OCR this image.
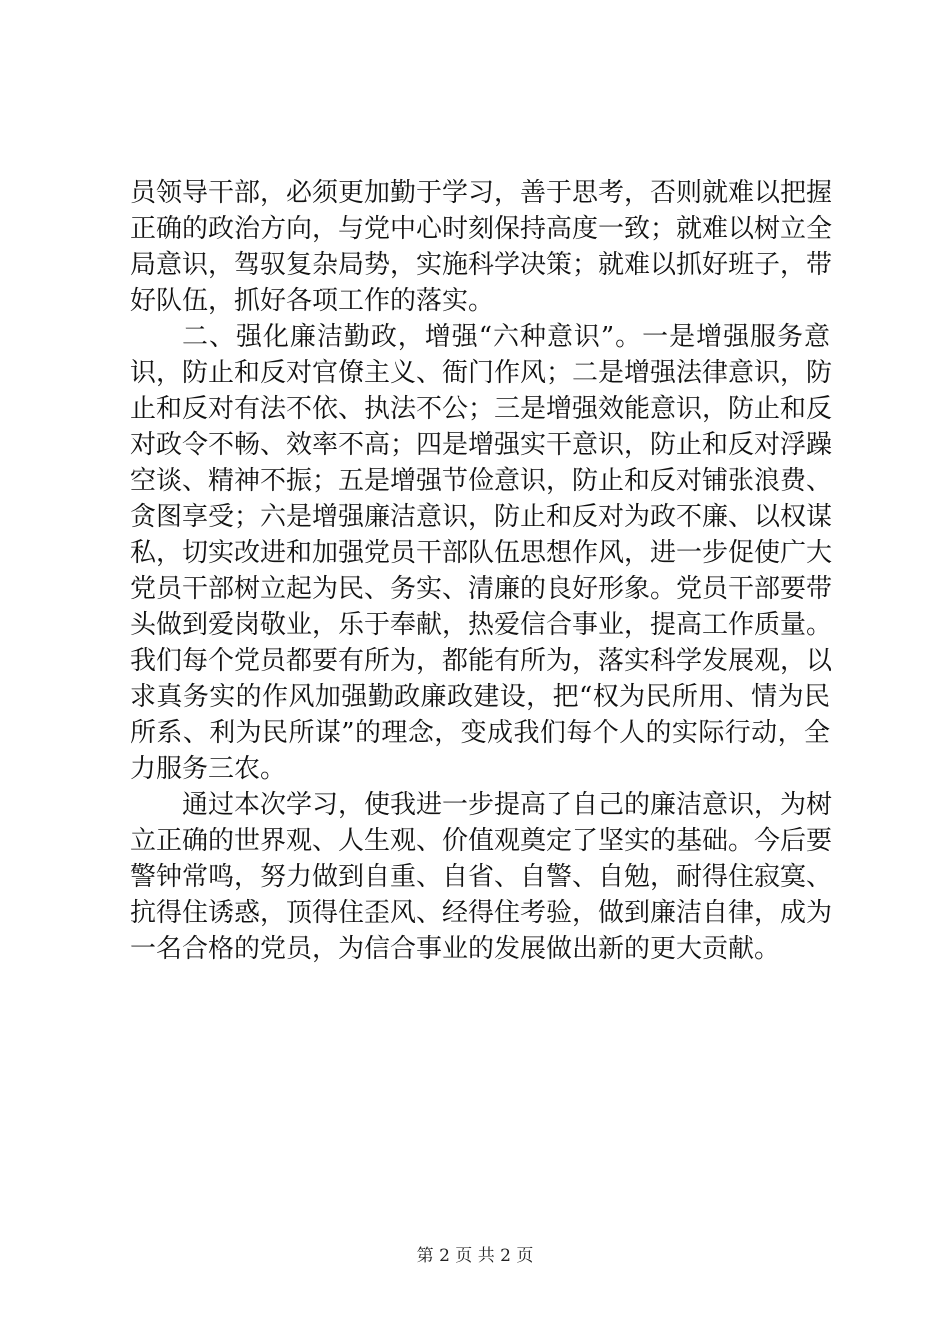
员领导干部，必须更加勤于学习，善于思考，否则就难以把握
正确的政治方向，与党中心时刻保持高度一致；就难以树立全
局意识，驾驭复杂局势，实施科学决策；就难以抓好班子，带
好队伍，抓好各项工作的落实。
二、强化廉洁勤政，增强“六种意识”。一是增强服务意
识，防止和反对官僚主义、衙门作风；二是增强法律意识，防
止和反对有法不依、执法不公；三是增强效能意识，防止和反
对政令不畅、效率不高；四是增强实干意识，防止和反对浮躁
空谈、精神不振；五是增强节俭意识，防止和反对铺张浪费、
贪图享受；六是增强廉洁意识，防止和反对为政不廉、以权谋
私，切实改进和加强党员干部队伍思想作风，进一步促使广大
党员干部树立起为民、务实、清廉的良好形象。党员干部要带
头做到爱岗敬业，乐于奉献，热爱信合事业，提高工作质量。
我们每个党员都要有所为，都能有所为，落实科学发展观，以
求真务实的作风加强勤政廉政建设，把“权为民所用、情为民
所系、利为民所谋”的理念，变成我们每个人的实际行动，全
力服务三农。
通过本次学习，使我进一步提高了自己的廉洁意识，为树
立正确的世界观、人生观、价值观奠定了坚实的基础。今后要
警钟常鸣，努力做到自重、自省、自警、自勉，耐得住寂寞、
抗得住诱惑，顶得住歪风、经得住考验，做到廉洁自律，成为
一名合格的党员，为信合事业的发展做出新的更大贡献。
第 2 页 共 2 页
